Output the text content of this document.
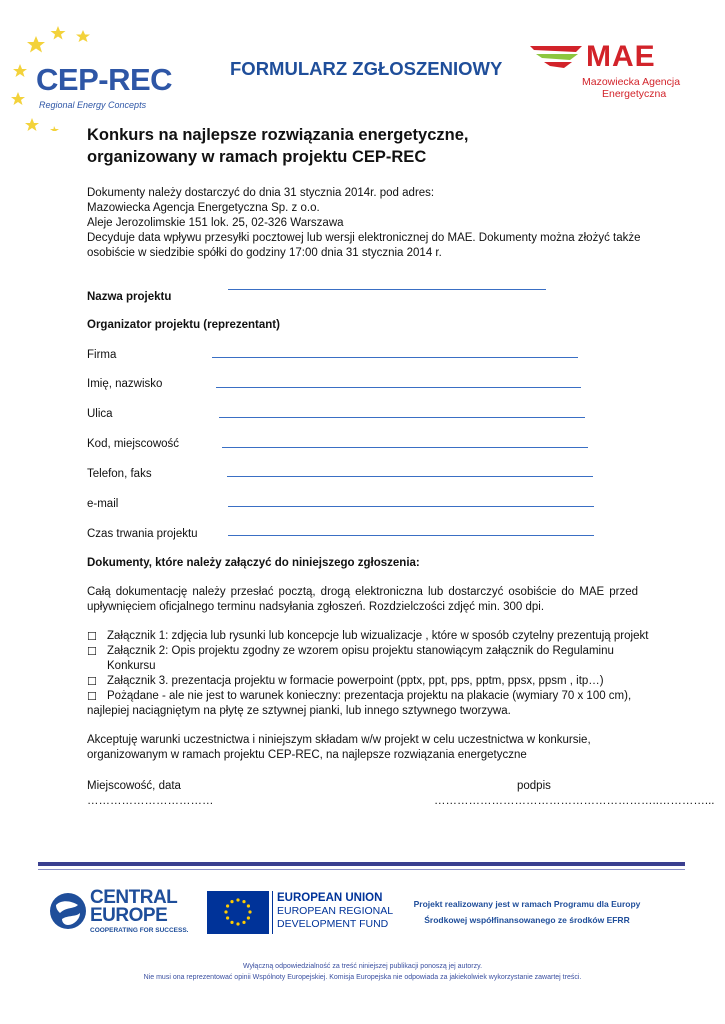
CEP-REC
Regional Energy Concepts
FORMULARZ ZGŁOSZENIOWY	MAE
Mazowiecka Agencja
Energetyczna
Konkurs na najlepsze rozwiązania energetyczne,
organizowany w ramach projektu CEP-REC
Dokumenty należy dostarczyć do dnia 31 stycznia 2014r. pod adres:
Mazowiecka Agencja Energetyczna Sp. z o.o.
Aleje Jerozolimskie 151 lok. 25, 02-326 Warszawa
Decyduje data wpływu przesyłki pocztowej lub wersji elektronicznej do MAE. Dokumenty można złożyć także
osobiście w siedzibie spółki do godziny 17:00 dnia 31 stycznia 2014 r.
Nazwa projektu
Organizator projektu (reprezentant)
Firma
Imię, nazwisko
Ulica
Kod, miejscowość
Telefon, faks
e-mail
Czas trwania projektu
Dokumenty, które należy załączyć do niniejszego zgłoszenia:
Całą dokumentację należy przesłać pocztą, drogą elektroniczna lub dostarczyć osobiście do MAE przed
upływnięciem oficjalnego terminu nadsyłania zgłoszeń. Rozdzielczości zdjęć min. 300 dpi.
☐ Załącznik 1: zdjęcia lub rysunki lub koncepcje lub wizualizacje , które w sposób czytelny prezentują projekt
☐ Załącznik 2: Opis projektu zgodny ze wzorem opisu projektu stanowiącym załącznik do Regulaminu
Konkursu
☐ Załącznik 3. prezentacja projektu w formacie powerpoint (pptx, ppt, pps, pptm, ppsx, ppsm , itp…)
☐ Pożądane - ale nie jest to warunek konieczny: prezentacja projektu na plakacie (wymiary 70 x 100 cm),
najlepiej naciągniętym na płytę ze sztywnej pianki, lub innego sztywnego tworzywa.
Akceptuję warunki uczestnictwa i niniejszym składam w/w projekt w celu uczestnictwa w konkursie,
organizowanym w ramach projektu CEP-REC, na najlepsze rozwiązania energetyczne
Miejscowość, data	podpis
……………………………	…………………………………………………..…………...
CENTRAL
EUROPE
COOPERATING FOR SUCCESS.
EUROPEAN UNION
EUROPEAN REGIONAL
DEVELOPMENT FUND
Projekt realizowany jest w ramach Programu dla Europy
Środkowej współfinansowanego ze środków EFRR
Wyłączną odpowiedzialność za treść niniejszej publikacji ponoszą jej autorzy.
Nie musi ona reprezentować opinii Wspólnoty Europejskiej. Komisja Europejska nie odpowiada za jakiekolwiek wykorzystanie zawartej treści.
